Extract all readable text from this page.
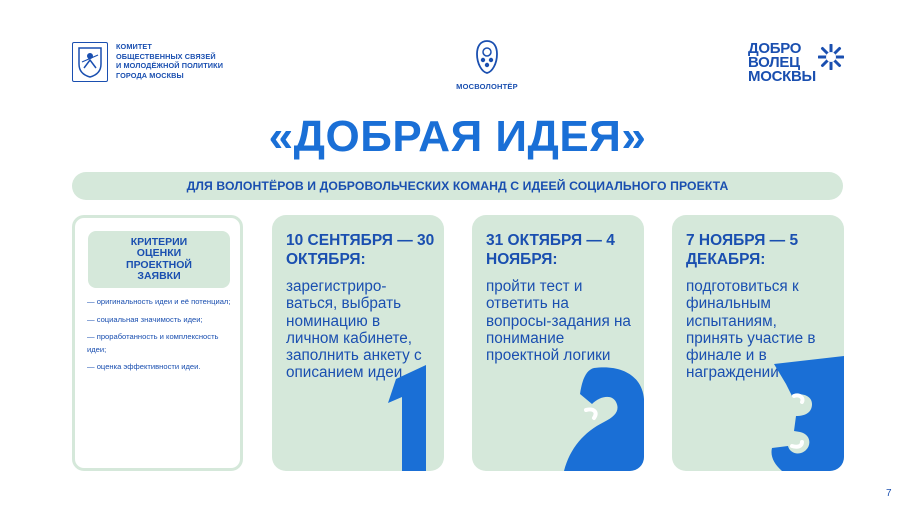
КОМИТЕТ
ОБЩЕСТВЕННЫХ СВЯЗЕЙ
И МОЛОДЁЖНОЙ ПОЛИТИКИ
ГОРОДА МОСКВЫ
МОСВОЛОНТЁР
ДОБРО
ВОЛЕЦ
МОСКВЫ
«ДОБРАЯ ИДЕЯ»
ДЛЯ ВОЛОНТЁРОВ И ДОБРОВОЛЬЧЕСКИХ КОМАНД С ИДЕЕЙ СОЦИАЛЬНОГО ПРОЕКТА
КРИТЕРИИ
ОЦЕНКИ
ПРОЕКТНОЙ
ЗАЯВКИ
— оригинальность идеи и её потенциал;
— социальная значимость идеи;
— проработанность и комплексность идеи;
— оценка эффективности идеи.
10 СЕНТЯБРЯ — 30 ОКТЯБРЯ:
зарегистриро-ваться, выбрать номинацию в личном кабинете, заполнить анкету с описанием идеи
31 ОКТЯБРЯ — 4 НОЯБРЯ:
пройти тест и ответить на вопросы-задания на понимание проектной логики
7 НОЯБРЯ — 5 ДЕКАБРЯ:
подготовиться к финальным испытаниям, принять участие в финале и в награждении
7
